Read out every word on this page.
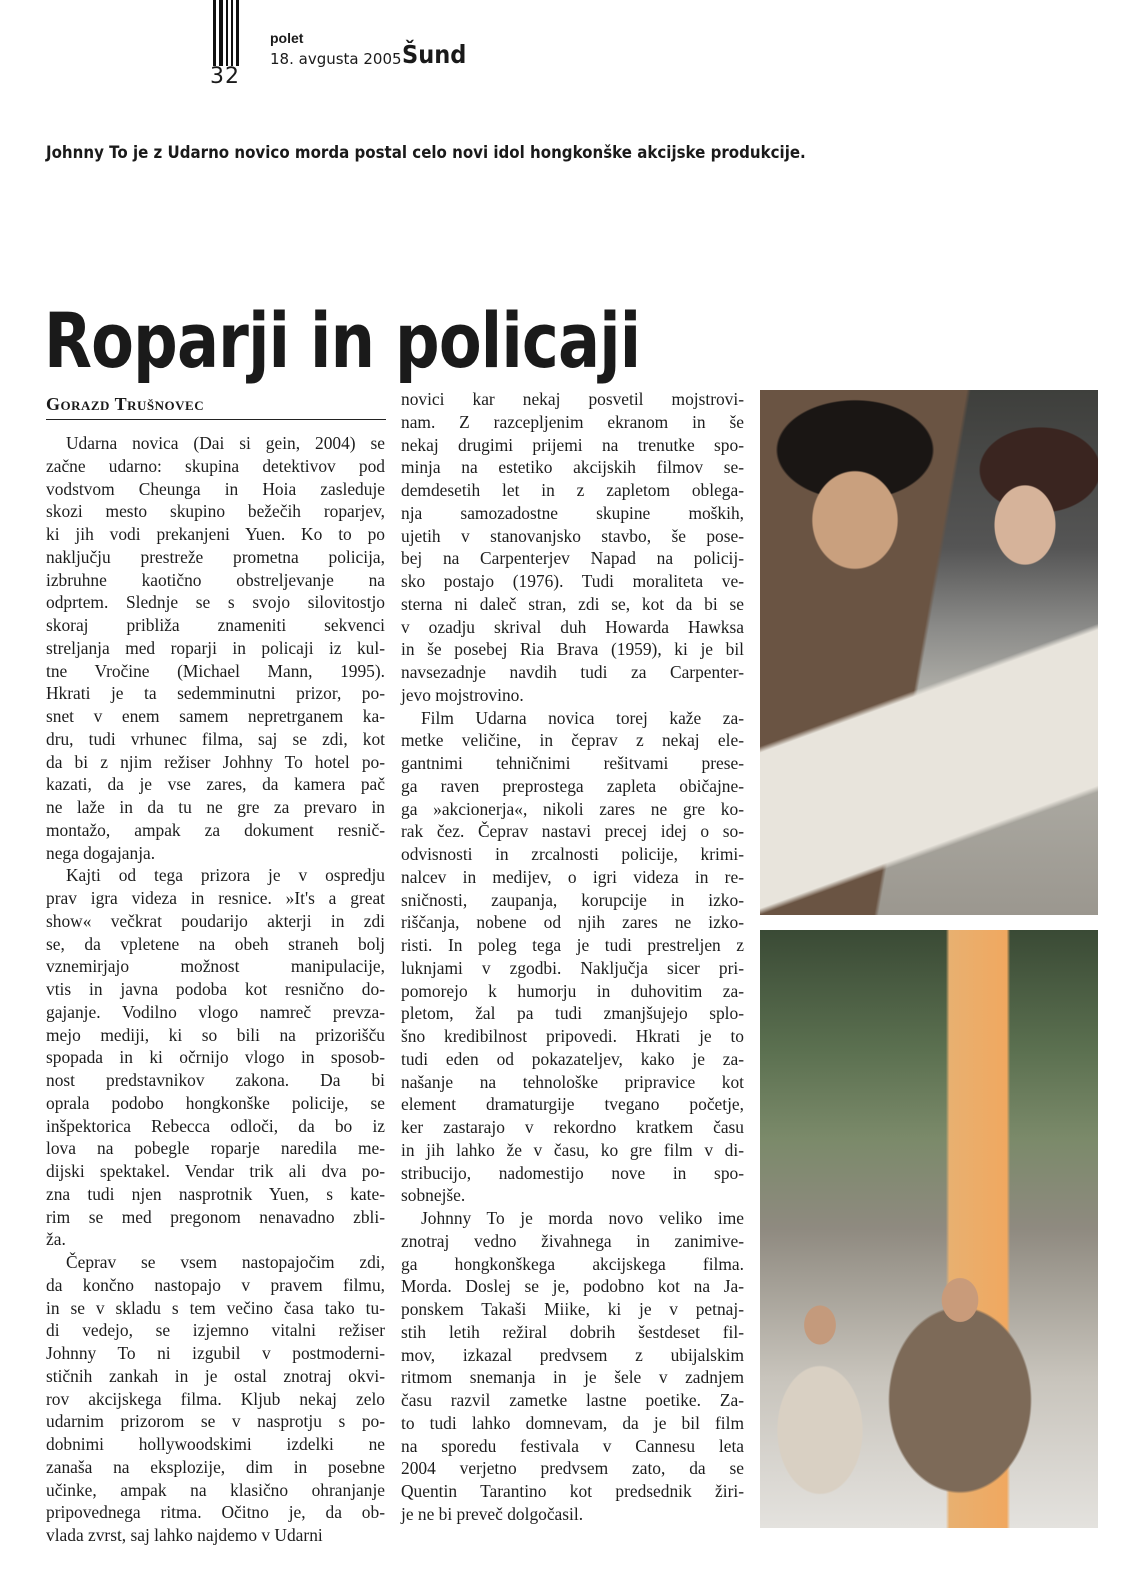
32
polet
18. avgusta 2005 Šund
Johnny To je z Udarno novico morda postal celo novi idol hongkonške akcijske produkcije.
Roparji in policaji
Gorazd Trušnovec
Udarna novica (Dai si gein, 2004) se
začne udarno: skupina detektivov pod
vodstvom Cheunga in Hoia zasleduje
skozi mesto skupino bežečih roparjev,
ki jih vodi prekanjeni Yuen. Ko to po
naključju prestreže prometna policija,
izbruhne kaotično obstreljevanje na
odprtem. Slednje se s svojo silovitostjo
skoraj približa znameniti sekvenci
streljanja med roparji in policaji iz kul-
tne Vročine (Michael Mann, 1995).
Hkrati je ta sedemminutni prizor, po-
snet v enem samem nepretrganem ka-
dru, tudi vrhunec filma, saj se zdi, kot
da bi z njim režiser Johhny To hotel po-
kazati, da je vse zares, da kamera pač
ne laže in da tu ne gre za prevaro in
montažo, ampak za dokument resnič-
nega dogajanja.
Kajti od tega prizora je v ospredju
prav igra videza in resnice. »It's a great
show« večkrat poudarijo akterji in zdi
se, da vpletene na obeh straneh bolj
vznemirjajo možnost manipulacije,
vtis in javna podoba kot resnično do-
gajanje. Vodilno vlogo namreč prevza-
mejo mediji, ki so bili na prizorišču
spopada in ki očrnijo vlogo in sposob-
nost predstavnikov zakona. Da bi
oprala podobo hongkonške policije, se
inšpektorica Rebecca odloči, da bo iz
lova na pobegle roparje naredila me-
dijski spektakel. Vendar trik ali dva po-
zna tudi njen nasprotnik Yuen, s kate-
rim se med pregonom nenavadno zbli-
ža.
Čeprav se vsem nastopajočim zdi,
da končno nastopajo v pravem filmu,
in se v skladu s tem večino časa tako tu-
di vedejo, se izjemno vitalni režiser
Johnny To ni izgubil v postmoderni-
stičnih zankah in je ostal znotraj okvi-
rov akcijskega filma. Kljub nekaj zelo
udarnim prizorom se v nasprotju s po-
dobnimi hollywoodskimi izdelki ne
zanaša na eksplozije, dim in posebne
učinke, ampak na klasično ohranjanje
pripovednega ritma. Očitno je, da ob-
vlada zvrst, saj lahko najdemo v Udarni
novici kar nekaj posvetil mojstrovi-
nam. Z razcepljenim ekranom in še
nekaj drugimi prijemi na trenutke spo-
minja na estetiko akcijskih filmov se-
demdesetih let in z zapletom oblega-
nja samozadostne skupine moških,
ujetih v stanovanjsko stavbo, še pose-
bej na Carpenterjev Napad na policij-
sko postajo (1976). Tudi moraliteta ve-
sterna ni daleč stran, zdi se, kot da bi se
v ozadju skrival duh Howarda Hawksa
in še posebej Ria Brava (1959), ki je bil
navsezadnje navdih tudi za Carpenter-
jevo mojstrovino.
Film Udarna novica torej kaže za-
metke veličine, in čeprav z nekaj ele-
gantnimi tehničnimi rešitvami prese-
ga raven preprostega zapleta običajne-
ga »akcionerja«, nikoli zares ne gre ko-
rak čez. Čeprav nastavi precej idej o so-
odvisnosti in zrcalnosti policije, krimi-
nalcev in medijev, o igri videza in re-
sničnosti, zaupanja, korupcije in izko-
riščanja, nobene od njih zares ne izko-
risti. In poleg tega je tudi prestreljen z
luknjami v zgodbi. Naključja sicer pri-
pomorejo k humorju in duhovitim za-
pletom, žal pa tudi zmanjšujejo splo-
šno kredibilnost pripovedi. Hkrati je to
tudi eden od pokazateljev, kako je za-
našanje na tehnološke pripravice kot
element dramaturgije tvegano početje,
ker zastarajo v rekordno kratkem času
in jih lahko že v času, ko gre film v di-
stribucijo, nadomestijo nove in spo-
sobnejše.
Johnny To je morda novo veliko ime
znotraj vedno živahnega in zanimive-
ga hongkonškega akcijskega filma.
Morda. Doslej se je, podobno kot na Ja-
ponskem Takaši Miike, ki je v petnaj-
stih letih režiral dobrih šestdeset fil-
mov, izkazal predvsem z ubijalskim
ritmom snemanja in je šele v zadnjem
času razvil zametke lastne poetike. Za-
to tudi lahko domnevam, da je bil film
na sporedu festivala v Cannesu leta
2004 verjetno predvsem zato, da se
Quentin Tarantino kot predsednik žiri-
je ne bi preveč dolgočasil.
